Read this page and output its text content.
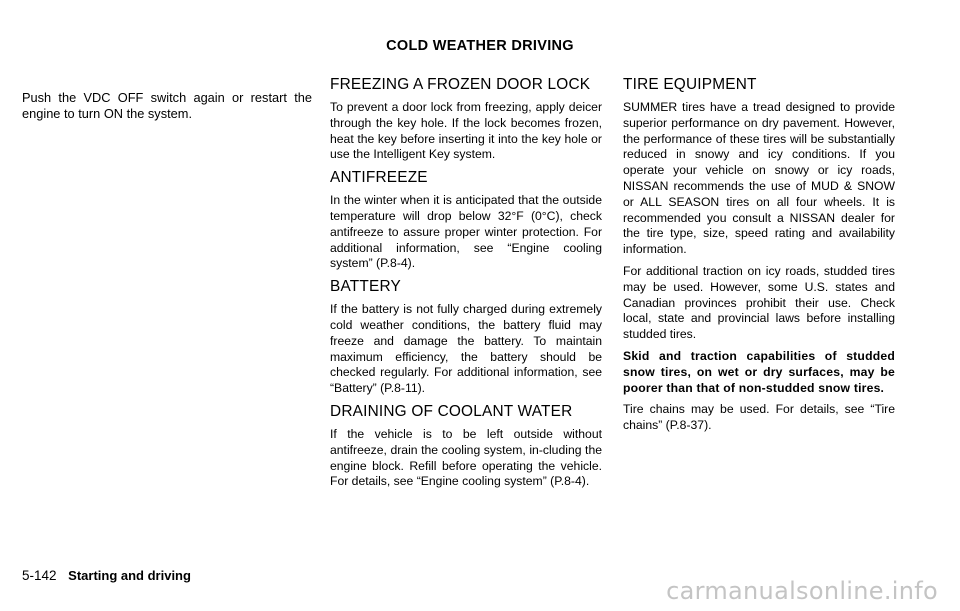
COLD WEATHER DRIVING

Push the VDC OFF switch again or restart the engine to turn ON the system.

FREEZING A FROZEN DOOR LOCK

To prevent a door lock from freezing, apply deicer through the key hole. If the lock becomes frozen, heat the key before inserting it into the key hole or use the Intelligent Key system.

ANTIFREEZE

In the winter when it is anticipated that the outside temperature will drop below 32°F (0°C), check antifreeze to assure proper winter protection. For additional information, see “Engine cooling system” (P.8-4).

BATTERY

If the battery is not fully charged during extremely cold weather conditions, the battery fluid may freeze and damage the battery. To maintain maximum efficiency, the battery should be checked regularly. For additional information, see “Battery” (P.8-11).

DRAINING OF COOLANT WATER

If the vehicle is to be left outside without antifreeze, drain the cooling system, in-cluding the engine block. Refill before operating the vehicle. For details, see “Engine cooling system” (P.8-4).

TIRE EQUIPMENT

SUMMER tires have a tread designed to provide superior performance on dry pavement. However, the performance of these tires will be substantially reduced in snowy and icy conditions. If you operate your vehicle on snowy or icy roads, NISSAN recommends the use of MUD & SNOW or ALL SEASON tires on all four wheels. It is recommended you consult a NISSAN dealer for the tire type, size, speed rating and availability information.

For additional traction on icy roads, studded tires may be used. However, some U.S. states and Canadian provinces prohibit their use. Check local, state and provincial laws before installing studded tires.

Skid and traction capabilities of studded snow tires, on wet or dry surfaces, may be poorer than that of non-studded snow tires.

Tire chains may be used. For details, see “Tire chains” (P.8-37).

5-142 Starting and driving
carmanualsonline.info
